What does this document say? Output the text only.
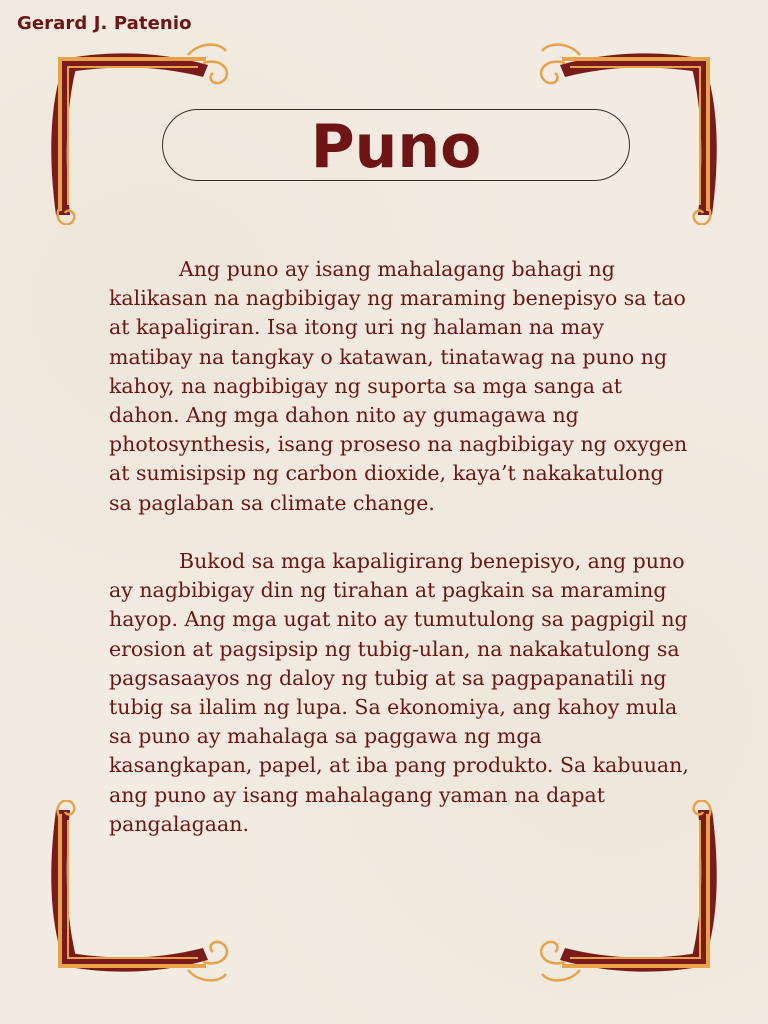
Gerard J. Patenio
Puno

Ang puno ay isang mahalagang bahagi ng kalikasan na nagbibigay ng maraming benepisyo sa tao at kapaligiran. Isa itong uri ng halaman na may matibay na tangkay o katawan, tinatawag na puno ng kahoy, na nagbibigay ng suporta sa mga sanga at dahon. Ang mga dahon nito ay gumagawa ng photosynthesis, isang proseso na nagbibigay ng oxygen at sumisipsip ng carbon dioxide, kaya’t nakakatulong sa paglaban sa climate change.

Bukod sa mga kapaligirang benepisyo, ang puno ay nagbibigay din ng tirahan at pagkain sa maraming hayop. Ang mga ugat nito ay tumutulong sa pagpigil ng erosion at pagsipsip ng tubig-ulan, na nakakatulong sa pagsasaayos ng daloy ng tubig at sa pagpapanatili ng tubig sa ilalim ng lupa. Sa ekonomiya, ang kahoy mula sa puno ay mahalaga sa paggawa ng mga kasangkapan, papel, at iba pang produkto. Sa kabuuan, ang puno ay isang mahalagang yaman na dapat pangalagaan.
